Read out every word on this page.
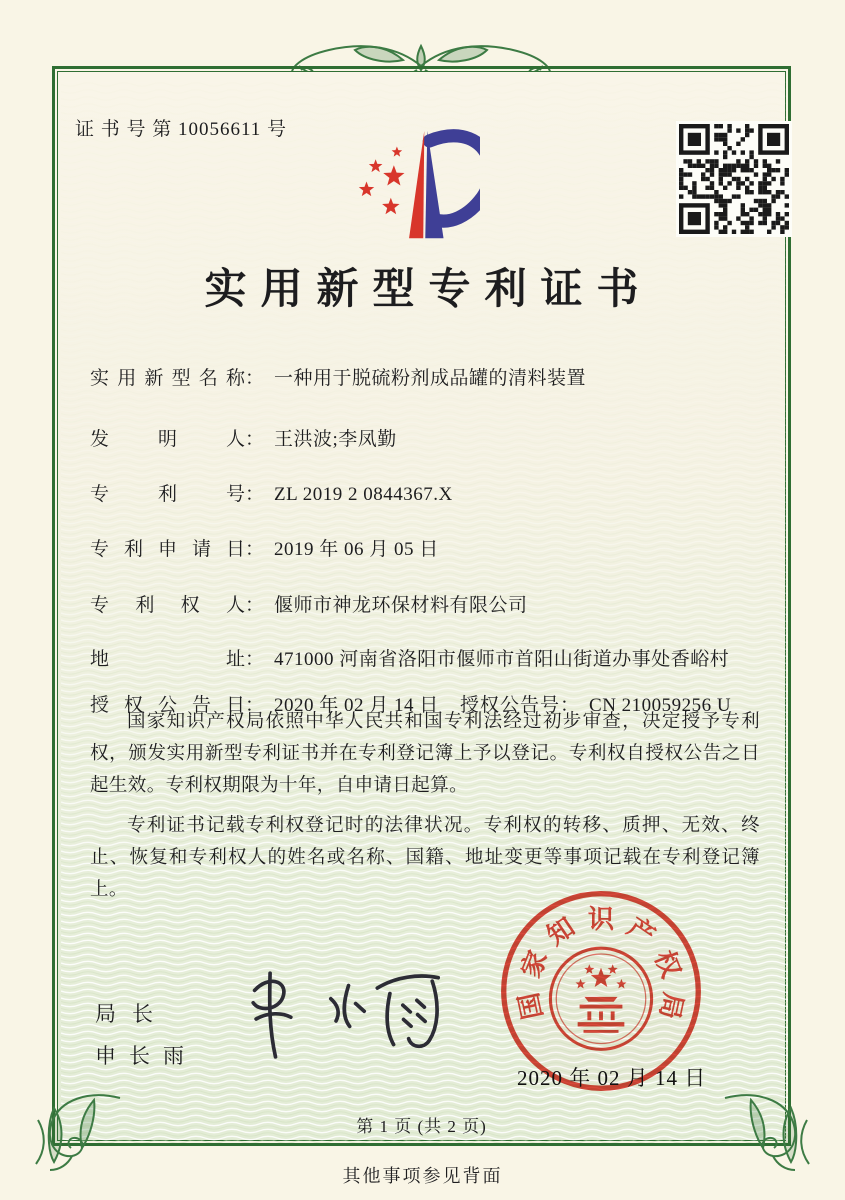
证 书 号 第 10056611 号
实用新型专利证书
实用新型名称： 一种用于脱硫粉剂成品罐的清料装置
发明人： 王洪波;李凤勤
专利号： ZL 2019 2 0844367.X
专利申请日： 2019 年 06 月 05 日
专利权人： 偃师市神龙环保材料有限公司
地址： 471000 河南省洛阳市偃师市首阳山街道办事处香峪村
授权公告日： 2020 年 02 月 14 日 授权公告号： CN 210059256 U

国家知识产权局依照中华人民共和国专利法经过初步审查，决定授予专利权，颁发实用新型专利证书并在专利登记簿上予以登记。专利权自授权公告之日起生效。专利权期限为十年，自申请日起算。

专利证书记载专利权登记时的法律状况。专利权的转移、质押、无效、终止、恢复和专利权人的姓名或名称、国籍、地址变更等事项记载在专利登记簿上。

国
家
知 识 产
权
局
2020 年 02 月 14 日
局长
申长雨
第 1 页 (共 2 页)
其他事项参见背面
